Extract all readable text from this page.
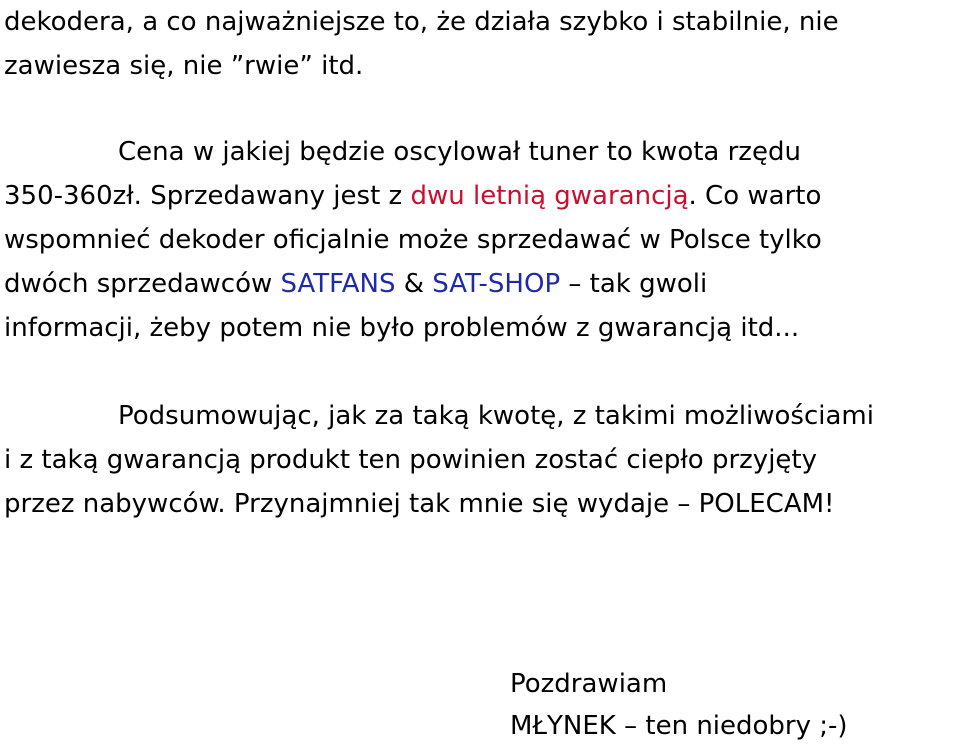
dekodera, a co najważniejsze to, że działa szybko i stabilnie, nie
zawiesza się, nie ”rwie” itd.
Cena w jakiej będzie oscylował tuner to kwota rzędu
350-360zł. Sprzedawany jest z dwu letnią gwarancją. Co warto
wspomnieć dekoder oficjalnie może sprzedawać w Polsce tylko
dwóch sprzedawców SATFANS & SAT-SHOP – tak gwoli
informacji, żeby potem nie było problemów z gwarancją itd...
Podsumowując, jak za taką kwotę, z takimi możliwościami
i z taką gwarancją produkt ten powinien zostać ciepło przyjęty
przez nabywców. Przynajmniej tak mnie się wydaje – POLECAM!
Pozdrawiam
MŁYNEK – ten niedobry ;-)
